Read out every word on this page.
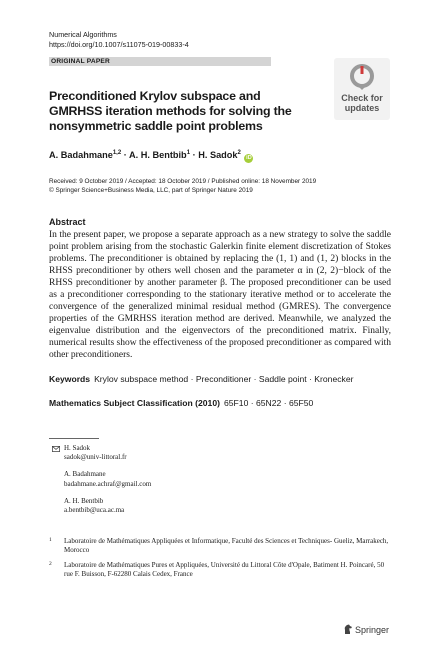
Numerical Algorithms
https://doi.org/10.1007/s11075-019-00833-4
ORIGINAL PAPER
Preconditioned Krylov subspace and GMRHSS iteration methods for solving the nonsymmetric saddle point problems
Check for
updates
A. Badahmane$^{1,2}$ · A. H. Bentbib$^1$ · H. Sadok$^2$ iD
Received: 9 October 2019 / Accepted: 18 October 2019 / Published online: 18 November 2019
© Springer Science+Business Media, LLC, part of Springer Nature 2019
Abstract

In the present paper, we propose a separate approach as a new strategy to solve the saddle point problem arising from the stochastic Galerkin finite element discretization of Stokes problems. The preconditioner is obtained by replacing the (1, 1) and (1, 2) blocks in the RHSS preconditioner by others well chosen and the parameter α in (2, 2)−block of the RHSS preconditioner by another parameter β. The proposed preconditioner can be used as a preconditioner corresponding to the stationary iterative method or to accelerate the convergence of the generalized minimal residual method (GMRES). The convergence properties of the GMRHSS iteration method are derived. Meanwhile, we analyzed the eigenvalue distribution and the eigenvectors of the preconditioned matrix. Finally, numerical results show the effectiveness of the proposed preconditioner as compared with other preconditioners.

Keywords Krylov subspace method · Preconditioner · Saddle point · Kronecker
Mathematics Subject Classification (2010) 65F10 · 65N22 · 65F50
H. Sadok
sadok@univ-littoral.fr
A. Badahmane
badahmane.achraf@gmail.com
A. H. Bentbib
a.bentbib@uca.ac.ma
1 Laboratoire de Mathématiques Appliquées et Informatique, Faculté des Sciences et Techniques- Gueliz, Marrakech, Morocco
2 Laboratoire de Mathématiques Pures et Appliquées, Université du Littoral Côte d'Opale, Batiment H. Poincaré, 50 rue F. Buisson, F-62280 Calais Cedex, France
Springer
